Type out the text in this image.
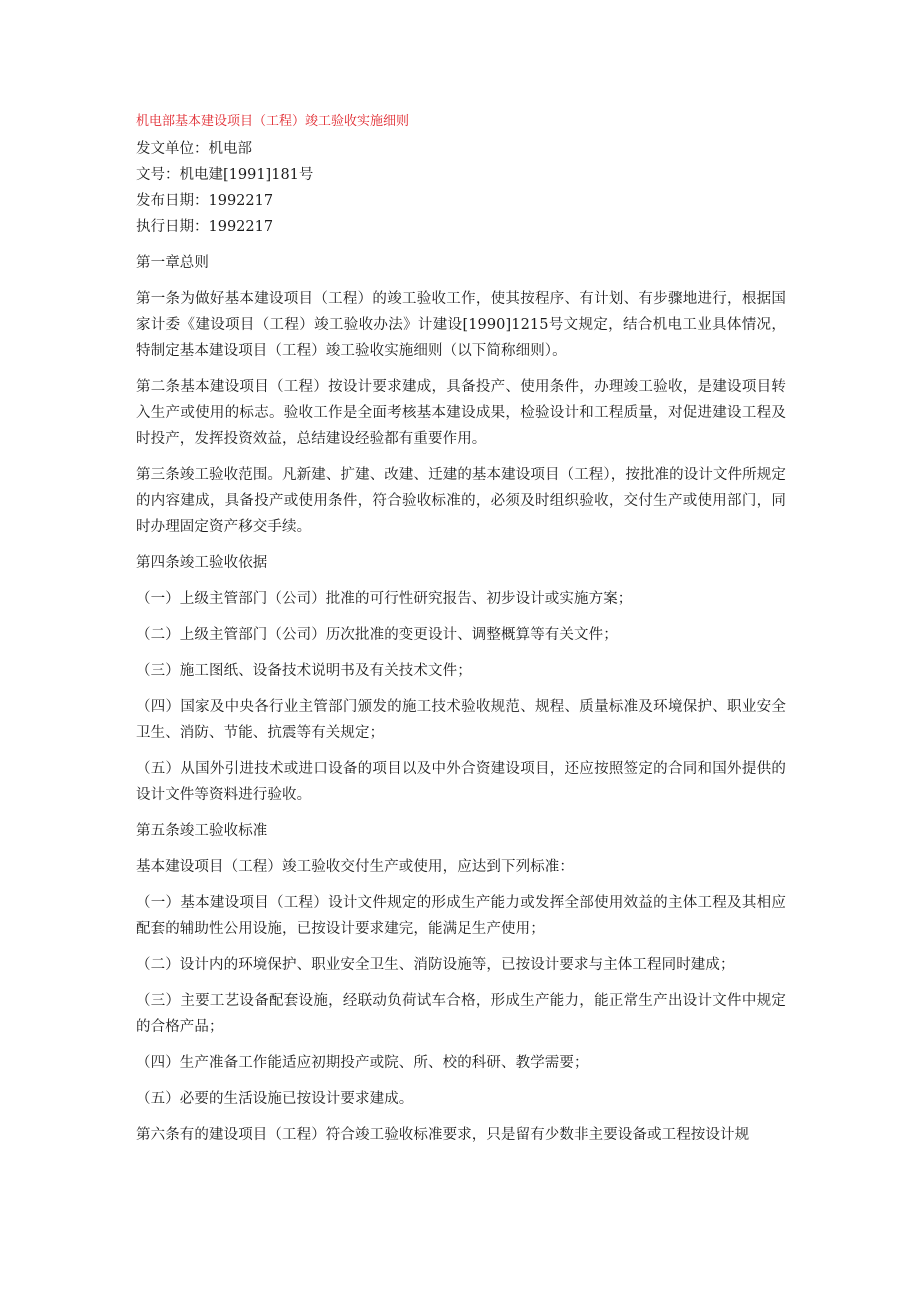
机电部基本建设项目（工程）竣工验收实施细则

发文单位：机电部

文号：机电建[1991]181号

发布日期：1992217

执行日期：1992217

第一章总则

第一条为做好基本建设项目（工程）的竣工验收工作，使其按程序、有计划、有步骤地进行，根据国家计委《建设项目（工程）竣工验收办法》计建设[1990]1215号文规定，结合机电工业具体情况，特制定基本建设项目（工程）竣工验收实施细则（以下简称细则）。

第二条基本建设项目（工程）按设计要求建成，具备投产、使用条件，办理竣工验收，是建设项目转入生产或使用的标志。验收工作是全面考核基本建设成果，检验设计和工程质量，对促进建设工程及时投产，发挥投资效益，总结建设经验都有重要作用。

第三条竣工验收范围。凡新建、扩建、改建、迁建的基本建设项目（工程），按批准的设计文件所规定的内容建成，具备投产或使用条件，符合验收标准的，必须及时组织验收，交付生产或使用部门，同时办理固定资产移交手续。

第四条竣工验收依据

（一）上级主管部门（公司）批准的可行性研究报告、初步设计或实施方案；

（二）上级主管部门（公司）历次批准的变更设计、调整概算等有关文件；

（三）施工图纸、设备技术说明书及有关技术文件；

（四）国家及中央各行业主管部门颁发的施工技术验收规范、规程、质量标准及环境保护、职业安全卫生、消防、节能、抗震等有关规定；

（五）从国外引进技术或进口设备的项目以及中外合资建设项目，还应按照签定的合同和国外提供的设计文件等资料进行验收。

第五条竣工验收标准

基本建设项目（工程）竣工验收交付生产或使用，应达到下列标准：

（一）基本建设项目（工程）设计文件规定的形成生产能力或发挥全部使用效益的主体工程及其相应配套的辅助性公用设施，已按设计要求建完，能满足生产使用；

（二）设计内的环境保护、职业安全卫生、消防设施等，已按设计要求与主体工程同时建成；

（三）主要工艺设备配套设施，经联动负荷试车合格，形成生产能力，能正常生产出设计文件中规定的合格产品；

（四）生产准备工作能适应初期投产或院、所、校的科研、教学需要；

（五）必要的生活设施已按设计要求建成。

第六条有的建设项目（工程）符合竣工验收标准要求，只是留有少数非主要设备或工程按设计规
